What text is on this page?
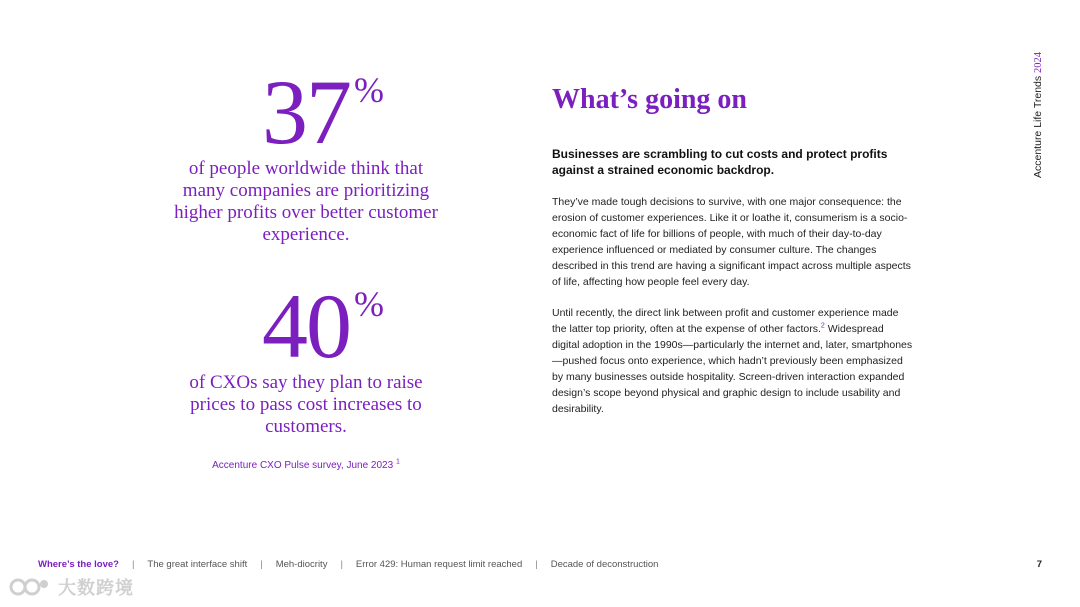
37 %
of people worldwide think that many companies are prioritizing higher profits over better customer experience.
40 %
of CXOs say they plan to raise prices to pass cost increases to customers.
Accenture CXO Pulse survey, June 2023 $^1$
What’s going on
Businesses are scrambling to cut costs and protect profits against a strained economic backdrop.
They’ve made tough decisions to survive, with one major consequence: the erosion of customer experiences. Like it or loathe it, consumerism is a socio-economic fact of life for billions of people, with much of their day-to-day experience influenced or mediated by consumer culture. The changes described in this trend are having a significant impact across multiple aspects of life, affecting how people feel every day.
Until recently, the direct link between profit and customer experience made the latter top priority, often at the expense of other factors.$^2$ Widespread digital adoption in the 1990s—particularly the internet and, later, smartphones—pushed focus onto experience, which hadn’t previously been emphasized by many businesses outside hospitality. Screen-driven interaction expanded design’s scope beyond physical and graphic design to include usability and desirability.
Accenture Life Trends 2024
Where’s the love? | The great interface shift | Meh-diocrity | Error 429: Human request limit reached | Decade of deconstruction	7
大数跨境
